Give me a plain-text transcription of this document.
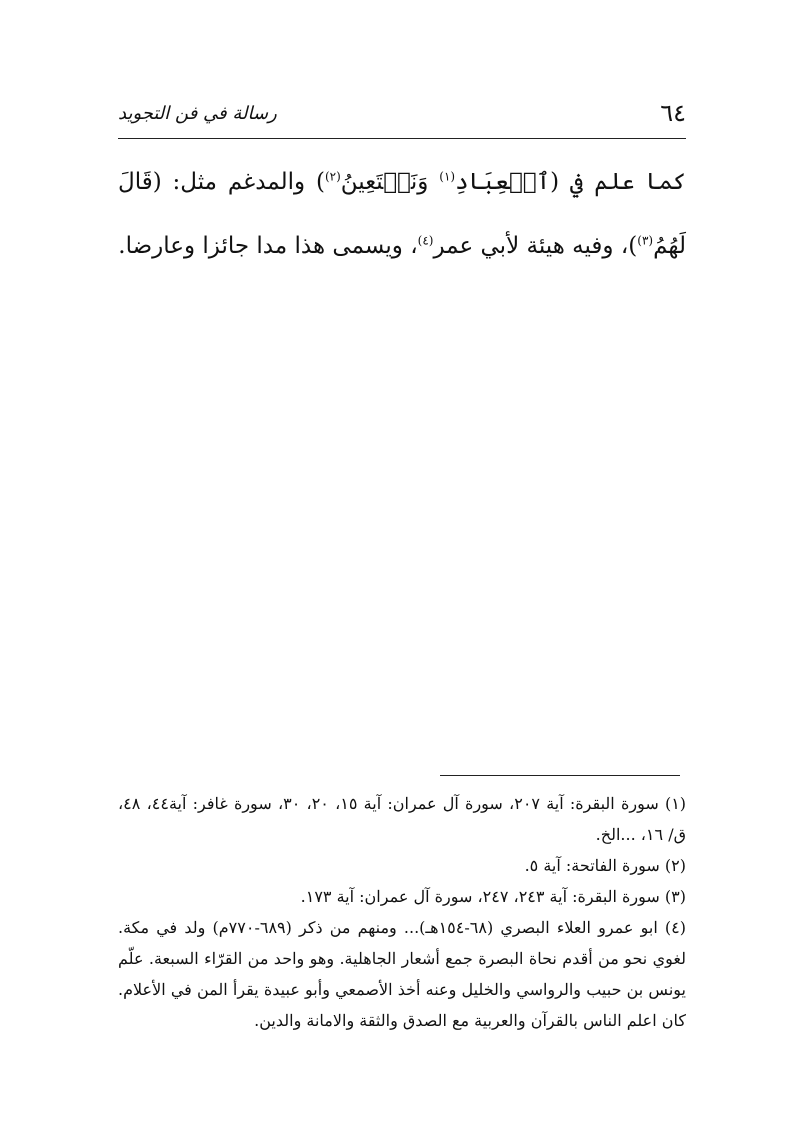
٦٤
رسالة في فن التجويد

كما علم في (ٱلۡعِبَادِ$^{(١)}$ وَنَسۡتَعِينُ$^{(٢)}$) والمدغم مثل: (قَالَ لَهُمُ$^{(٣)}$)، وفيه هيئة لأبي عمر$^{(٤)}$، ويسمى هذا مدا جائزا وعارضا.

(١) سورة البقرة: آية ٢٠٧، سورة آل عمران: آية ١٥، ٢٠، ٣٠، سورة غافر: آية٤٤، ٤٨، ق/ ١٦، ...الخ.

(٢) سورة الفاتحة: آية ٥.

(٣) سورة البقرة: آية ٢٤٣، ٢٤٧، سورة آل عمران: آية ١٧٣.

(٤) ابو عمرو العلاء البصري (٦٨-١٥٤هـ)... ومنهم من ذكر (٦٨٩-٧٧٠م) ولد في مكة. لغوي نحو من أقدم نحاة البصرة جمع أشعار الجاهلية. وهو واحد من القرّاء السبعة. علّم يونس بن حبيب والرواسي والخليل وعنه أخذ الأصمعي وأبو عبيدة يقرأ المن في الأعلام. كان اعلم الناس بالقرآن والعربية مع الصدق والثقة والامانة والدين.
